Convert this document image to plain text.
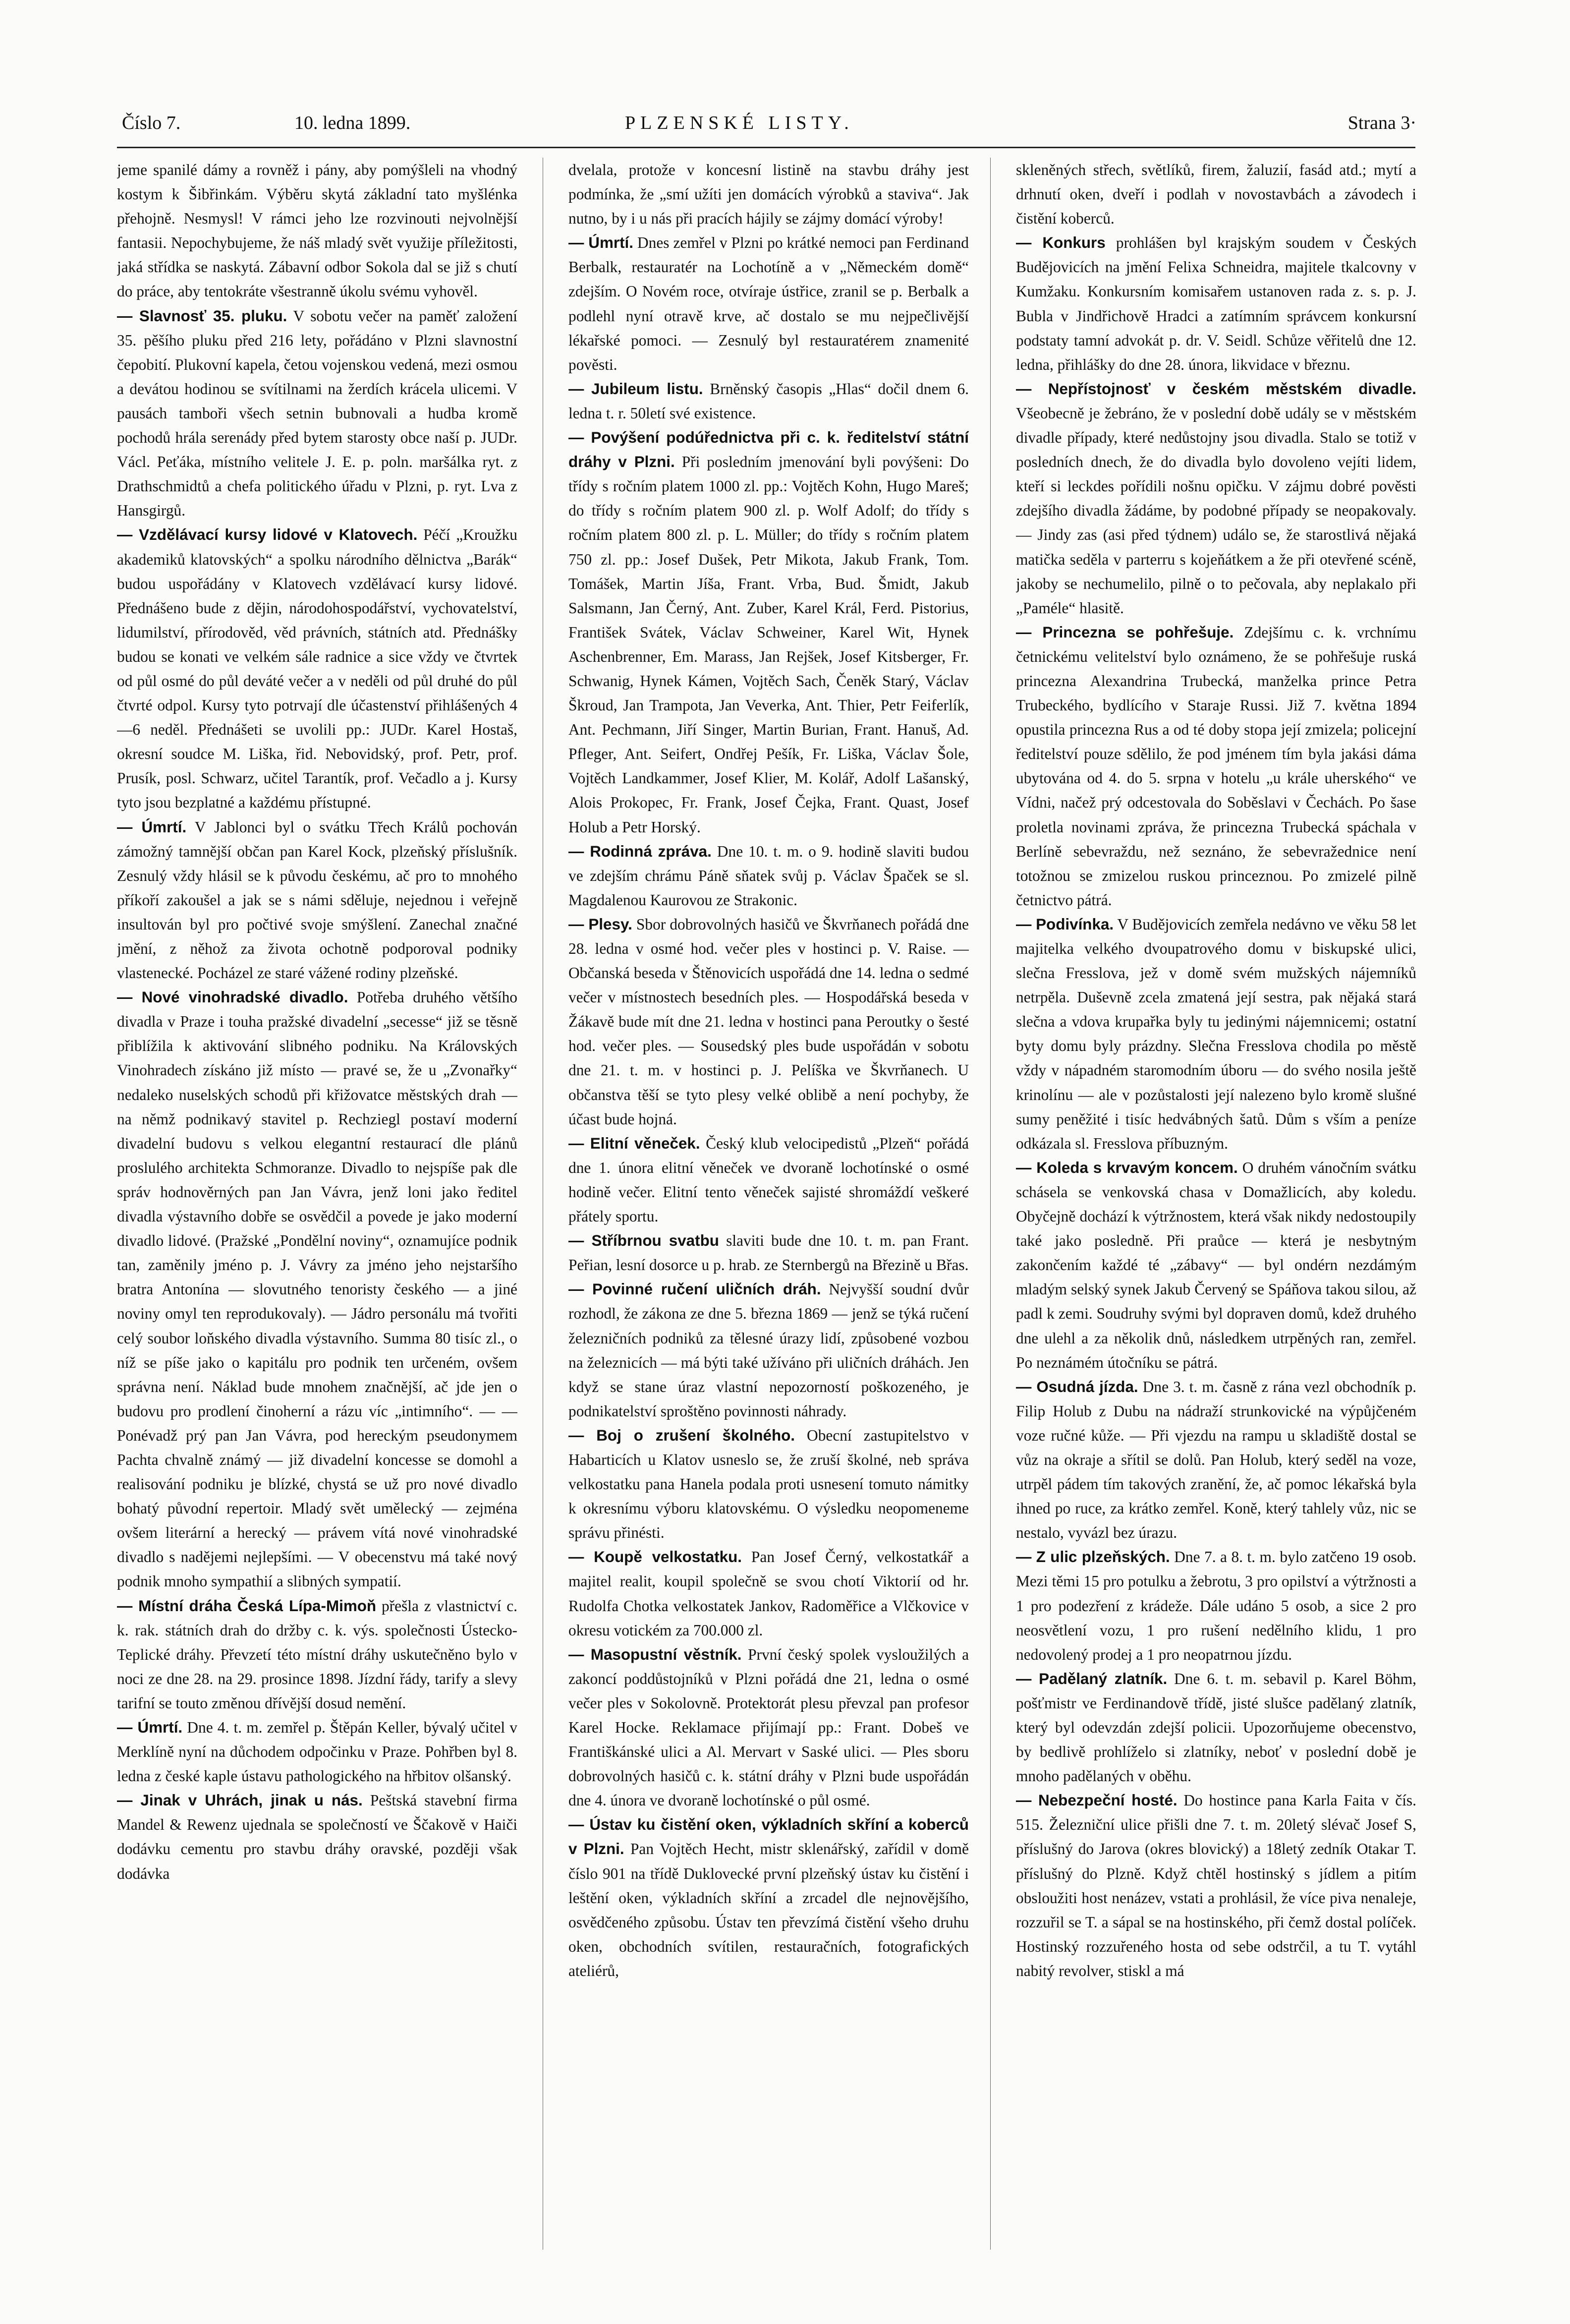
Číslo 7.	10. ledna 1899.	PLZENSKÉ LISTY.	Strana 3·

jeme spanilé dámy a rovněž i pány, aby pomýšleli na vhodný kostym k Šibřinkám. Výběru skytá základní tato myšlénka přehojně. Nesmysl! V rámci jeho lze rozvinouti nejvolnější fantasii. Nepochybujeme, že náš mladý svět využije příležitosti, jaká střídka se naskytá. Zábavní odbor Sokola dal se již s chutí do práce, aby tentokráte všestranně úkolu svému vyhověl.

— Slavnosť 35. pluku. V sobotu večer na paměť založení 35. pěšího pluku před 216 lety, pořádáno v Plzni slavnostní čepobití. Plukovní kapela, četou vojenskou vedená, mezi osmou a devátou hodinou se svítilnami na žerdích krácela ulicemi. V pausách tamboři všech setnin bubnovali a hudba kromě pochodů hrála serenády před bytem starosty obce naší p. JUDr. Václ. Peťáka, místního velitele J. E. p. poln. maršálka ryt. z Drathschmidtů a chefa politického úřadu v Plzni, p. ryt. Lva z Hansgirgů.

— Vzdělávací kursy lidové v Klatovech. Péčí „Kroužku akademiků klatovských“ a spolku národního dělnictva „Barák“ budou uspořádány v Klatovech vzdělávací kursy lidové. Přednášeno bude z dějin, národohospodářství, vychovatelství, lidumilství, přírodověd, věd právních, státních atd. Přednášky budou se konati ve velkém sále radnice a sice vždy ve čtvrtek od půl osmé do půl deváté večer a v neděli od půl druhé do půl čtvrté odpol. Kursy tyto potrvají dle účastenství přihlášených 4—6 neděl. Přednášeti se uvolili pp.: JUDr. Karel Hostaš, okresní soudce M. Liška, řid. Nebovidský, prof. Petr, prof. Prusík, posl. Schwarz, učitel Tarantík, prof. Večadlo a j. Kursy tyto jsou bezplatné a každému přístupné.

— Úmrtí. V Jablonci byl o svátku Třech Králů pochován zámožný tamnější občan pan Karel Kock, plzeňský příslušník. Zesnulý vždy hlásil se k původu českému, ač pro to mnohého příkoří zakoušel a jak se s námi sděluje, nejednou i veřejně insultován byl pro počtivé svoje smýšlení. Zanechal značné jmění, z něhož za života ochotně podporoval podniky vlastenecké. Pocházel ze staré vážené rodiny plzeňské.

— Nové vinohradské divadlo. Potřeba druhého většího divadla v Praze i touha pražské divadelní „secesse“ již se těsně přiblížila k aktivování slibného podniku. Na Královských Vinohradech získáno již místo — pravé se, že u „Zvonařky“ nedaleko nuselských schodů při křižovatce městských drah — na němž podnikavý stavitel p. Rechziegl postaví moderní divadelní budovu s velkou elegantní restaurací dle plánů proslulého architekta Schmoranze. Divadlo to nejspíše pak dle správ hodnověrných pan Jan Vávra, jenž loni jako ředitel divadla výstavního dobře se osvědčil a povede je jako moderní divadlo lidové. (Pražské „Pondělní noviny“, oznamujíce podnik tan, zaměnily jméno p. J. Vávry za jméno jeho nejstaršího bratra Antonína — slovutného tenoristy českého — a jiné noviny omyl ten reprodukovaly). — Jádro personálu má tvořiti celý soubor loňského divadla výstavního. Summa 80 tisíc zl., o níž se píše jako o kapitálu pro podnik ten určeném, ovšem správna není. Náklad bude mnohem značnější, ač jde jen o budovu pro prodlení činoherní a rázu víc „intimního“. — — Ponévadž prý pan Jan Vávra, pod hereckým pseudonymem Pachta chvalně známý — již divadelní koncesse se domohl a realisování podniku je blízké, chystá se už pro nové divadlo bohatý původní repertoir. Mladý svět umělecký — zejména ovšem literární a herecký — právem vítá nové vinohradské divadlo s nadějemi nejlepšími. — V obecenstvu má také nový podnik mnoho sympathií a slibných sympatií.

— Místní dráha Česká Lípa-Mimoň přešla z vlastnictví c. k. rak. státních drah do držby c. k. výs. společnosti Ústecko-Teplické dráhy. Převzetí této místní dráhy uskutečněno bylo v noci ze dne 28. na 29. prosince 1898. Jízdní řády, tarify a slevy tarifní se touto změnou dřívější dosud nemění.

— Úmrtí. Dne 4. t. m. zemřel p. Štěpán Keller, bývalý učitel v Merklíně nyní na důchodem odpočinku v Praze. Pohřben byl 8. ledna z české kaple ústavu pathologického na hřbitov olšanský.

— Jinak v Uhrách, jinak u nás. Peštská stavební firma Mandel & Rewenz ujednala se společností ve Ščakově v Haiči dodávku cementu pro stavbu dráhy oravské, později však dodávka

dvelala, protože v koncesní listině na stavbu dráhy jest podmínka, že „smí užíti jen domácích výrobků a staviva“. Jak nutno, by i u nás při pracích hájily se zájmy domácí výroby!

— Úmrtí. Dnes zemřel v Plzni po krátké nemoci pan Ferdinand Berbalk, restauratér na Lochotíně a v „Německém domě“ zdejším. O Novém roce, otvíraje ústřice, zranil se p. Berbalk a podlehl nyní otravě krve, ač dostalo se mu nejpečlivější lékařské pomoci. — Zesnulý byl restauratérem znamenité pověsti.

— Jubileum listu. Brněnský časopis „Hlas“ dočil dnem 6. ledna t. r. 50letí své existence.

— Povýšení podúřednictva při c. k. ředitelství státní dráhy v Plzni. Při posledním jmenování byli povýšeni: Do třídy s ročním platem 1000 zl. pp.: Vojtěch Kohn, Hugo Mareš; do třídy s ročním platem 900 zl. p. Wolf Adolf; do třídy s ročním platem 800 zl. p. L. Müller; do třídy s ročním platem 750 zl. pp.: Josef Dušek, Petr Mikota, Jakub Frank, Tom. Tomášek, Martin Jíša, Frant. Vrba, Bud. Šmidt, Jakub Salsmann, Jan Černý, Ant. Zuber, Karel Král, Ferd. Pistorius, František Svátek, Václav Schweiner, Karel Wit, Hynek Aschenbrenner, Em. Marass, Jan Rejšek, Josef Kitsberger, Fr. Schwanig, Hynek Kámen, Vojtěch Sach, Čeněk Starý, Václav Škroud, Jan Trampota, Jan Veverka, Ant. Thier, Petr Feiferlík, Ant. Pechmann, Jiří Singer, Martin Burian, Frant. Hanuš, Ad. Pfleger, Ant. Seifert, Ondřej Pešík, Fr. Liška, Václav Šole, Vojtěch Landkammer, Josef Klier, M. Kolář, Adolf Lašanský, Alois Prokopec, Fr. Frank, Josef Čejka, Frant. Quast, Josef Holub a Petr Horský.

— Rodinná zpráva. Dne 10. t. m. o 9. hodině slaviti budou ve zdejším chrámu Páně sňatek svůj p. Václav Špaček se sl. Magdalenou Kaurovou ze Strakonic.

— Plesy. Sbor dobrovolných hasičů ve Škvrňanech pořádá dne 28. ledna v osmé hod. večer ples v hostinci p. V. Raise. — Občanská beseda v Štěnovicích uspořádá dne 14. ledna o sedmé večer v místnostech besedních ples. — Hospodářská beseda v Žákavě bude mít dne 21. ledna v hostinci pana Peroutky o šesté hod. večer ples. — Sousedský ples bude uspořádán v sobotu dne 21. t. m. v hostinci p. J. Pelíška ve Škvrňanech. U občanstva těší se tyto plesy velké oblibě a není pochyby, že účast bude hojná.

— Elitní věneček. Český klub velocipedistů „Plzeň“ pořádá dne 1. února elitní věneček ve dvoraně lochotínské o osmé hodině večer. Elitní tento věneček sajisté shromáždí veškeré přátely sportu.

— Stříbrnou svatbu slaviti bude dne 10. t. m. pan Frant. Peřian, lesní dosorce u p. hrab. ze Sternbergů na Březině u Břas.

— Povinné ručení uličních dráh. Nejvyšší soudní dvůr rozhodl, že zákona ze dne 5. března 1869 — jenž se týká ručení železničních podniků za tělesné úrazy lidí, způsobené vozbou na železnicích — má býti také užíváno při uličních dráhách. Jen když se stane úraz vlastní nepozorností poškozeného, je podnikatelství sproštěno povinnosti náhrady.

— Boj o zrušení školného. Obecní zastupitelstvo v Habarticích u Klatov usneslo se, že zruší školné, neb správa velkostatku pana Hanela podala proti usnesení tomuto námitky k okresnímu výboru klatovskému. O výsledku neopomeneme správu přinésti.

— Koupě velkostatku. Pan Josef Černý, velkostatkář a majitel realit, koupil společně se svou chotí Viktorií od hr. Rudolfa Chotka velkostatek Jankov, Radoměřice a Vlčkovice v okresu votickém za 700.000 zl.

— Masopustní věstník. První český spolek vysloužilých a zakoncí poddůstojníků v Plzni pořádá dne 21, ledna o osmé večer ples v Sokolovně. Protektorát plesu převzal pan profesor Karel Hocke. Reklamace přijímají pp.: Frant. Dobeš ve Františkánské ulici a Al. Mervart v Saské ulici. — Ples sboru dobrovolných hasičů c. k. státní dráhy v Plzni bude uspořádán dne 4. února ve dvoraně lochotínské o půl osmé.

— Ústav ku čistění oken, výkladních skříní a koberců v Plzni. Pan Vojtěch Hecht, mistr sklenářský, zařídil v domě číslo 901 na třídě Duklovecké první plzeňský ústav ku čistění i leštění oken, výkladních skříní a zrcadel dle nejnovějšího, osvědčeného způsobu. Ústav ten převzímá čistění všeho druhu oken, obchodních svítilen, restauračních, fotografických ateliérů,

skleněných střech, světlíků, firem, žaluzií, fasád atd.; mytí a drhnutí oken, dveří i podlah v novostavbách a závodech i čistění koberců.

— Konkurs prohlášen byl krajským soudem v Českých Budějovicích na jmění Felixa Schneidra, majitele tkalcovny v Kumžaku. Konkursním komisařem ustanoven rada z. s. p. J. Bubla v Jindřichově Hradci a zatímním správcem konkursní podstaty tamní advokát p. dr. V. Seidl. Schůze věřitelů dne 12. ledna, přihlášky do dne 28. února, likvidace v březnu.

— Nepřístojnosť v českém městském divadle. Všeobecně je žebráno, že v poslední době udály se v městském divadle případy, které nedůstojny jsou divadla. Stalo se totiž v posledních dnech, že do divadla bylo dovoleno vejíti lidem, kteří si leckdes pořídili nošnu opičku. V zájmu dobré pověsti zdejšího divadla žádáme, by podobné případy se neopakovaly. — Jindy zas (asi před týdnem) událo se, že starostlivá nějaká matička seděla v parterru s kojeňátkem a že při otevřené scéně, jakoby se nechumelilo, pilně o to pečovala, aby neplakalo při „Paméle“ hlasitě.

— Princezna se pohřešuje. Zdejšímu c. k. vrchnímu četnickému velitelství bylo oznámeno, že se pohřešuje ruská princezna Alexandrina Trubecká, manželka prince Petra Trubeckého, bydlícího v Staraje Russi. Již 7. května 1894 opustila princezna Rus a od té doby stopa její zmizela; policejní ředitelství pouze sdělilo, že pod jménem tím byla jakási dáma ubytována od 4. do 5. srpna v hotelu „u krále uherského“ ve Vídni, načež prý odcestovala do Soběslavi v Čechách. Po šase proletla novinami zpráva, že princezna Trubecká spáchala v Berlíně sebevraždu, než seznáno, že sebevražednice není totožnou se zmizelou ruskou princeznou. Po zmizelé pilně četnictvo pátrá.

— Podivínka. V Budějovicích zemřela nedávno ve věku 58 let majitelka velkého dvoupatrového domu v biskupské ulici, slečna Fresslova, jež v domě svém mužských nájemníků netrpěla. Duševně zcela zmatená její sestra, pak nějaká stará slečna a vdova krupařka byly tu jedinými nájemnicemi; ostatní byty domu byly prázdny. Slečna Fresslova chodila po městě vždy v nápadném staromodním úboru — do svého nosila ještě krinolínu — ale v pozůstalosti její nalezeno bylo kromě slušné sumy peněžité i tisíc hedvábných šatů. Dům s vším a peníze odkázala sl. Fresslova příbuzným.

— Koleda s krvavým koncem. O druhém vánočním svátku schásela se venkovská chasa v Domažlicích, aby koledu. Obyčejně dochází k výtržnostem, která však nikdy nedostoupily také jako posledně. Při praůce — která je nesbytným zakončením každé té „zábavy“ — byl ondérn nezdámým mladým selský synek Jakub Červený se Spáňova takou silou, až padl k zemi. Soudruhy svými byl dopraven domů, kdež druhého dne ulehl a za několik dnů, následkem utrpěných ran, zemřel. Po neznámém útočníku se pátrá.

— Osudná jízda. Dne 3. t. m. časně z rána vezl obchodník p. Filip Holub z Dubu na nádraží strunkovické na výpůjčeném voze ručné kůže. — Při vjezdu na rampu u skladiště dostal se vůz na okraje a sřítil se dolů. Pan Holub, který seděl na voze, utrpěl pádem tím takových zranění, že, ač pomoc lékařská byla ihned po ruce, za krátko zemřel. Koně, který tahlely vůz, nic se nestalo, vyvázl bez úrazu.

— Z ulic plzeňských. Dne 7. a 8. t. m. bylo zatčeno 19 osob. Mezi těmi 15 pro potulku a žebrotu, 3 pro opilství a výtržnosti a 1 pro podezření z krádeže. Dále udáno 5 osob, a sice 2 pro neosvětlení vozu, 1 pro rušení nedělního klidu, 1 pro nedovolený prodej a 1 pro neopatrnou jízdu.

— Padělaný zlatník. Dne 6. t. m. sebavil p. Karel Böhm, pošťmistr ve Ferdinandově třídě, jisté slušce padělaný zlatník, který byl odevzdán zdejší policii. Upozorňujeme obecenstvo, by bedlivě prohlíželo si zlatníky, neboť v poslední době je mnoho padělaných v oběhu.

— Nebezpeční hosté. Do hostince pana Karla Faita v čís. 515. Železniční ulice přišli dne 7. t. m. 20letý slévač Josef S, příslušný do Jarova (okres blovický) a 18letý zedník Otakar T. příslušný do Plzně. Když chtěl hostinský s jídlem a pitím obsloužiti host nenázev, vstati a prohlásil, že více piva nenaleje, rozzuřil se T. a sápal se na hostinského, při čemž dostal políček. Hostinský rozzuřeného hosta od sebe odstrčil, a tu T. vytáhl nabitý revolver, stiskl a má
